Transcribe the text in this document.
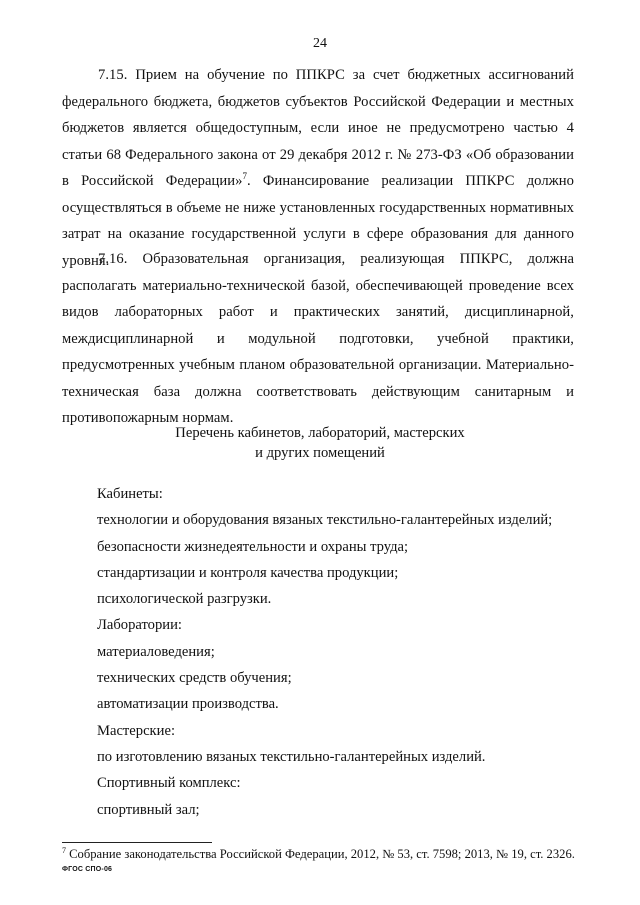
24
7.15. Прием на обучение по ППКРС за счет бюджетных ассигнований федерального бюджета, бюджетов субъектов Российской Федерации и местных бюджетов является общедоступным, если иное не предусмотрено частью 4 статьи 68 Федерального закона от 29 декабря 2012 г. № 273-ФЗ «Об образовании в Российской Федерации»$^7$. Финансирование реализации ППКРС должно осуществляться в объеме не ниже установленных государственных нормативных затрат на оказание государственной услуги в сфере образования для данного уровня.
7.16. Образовательная организация, реализующая ППКРС, должна располагать материально-технической базой, обеспечивающей проведение всех видов лабораторных работ и практических занятий, дисциплинарной, междисциплинарной и модульной подготовки, учебной практики, предусмотренных учебным планом образовательной организации. Материально-техническая база должна соответствовать действующим санитарным и противопожарным нормам.
Перечень кабинетов, лабораторий, мастерских
и других помещений
Кабинеты:
технологии и оборудования вязаных текстильно-галантерейных изделий;
безопасности жизнедеятельности и охраны труда;
стандартизации и контроля качества продукции;
психологической разгрузки.
Лаборатории:
материаловедения;
технических средств обучения;
автоматизации производства.
Мастерские:
по изготовлению вязаных текстильно-галантерейных изделий.
Спортивный комплекс:
спортивный зал;
$^7$ Собрание законодательства Российской Федерации, 2012, № 53, ст. 7598; 2013, № 19, ст. 2326.
ФГОС СПО-06
